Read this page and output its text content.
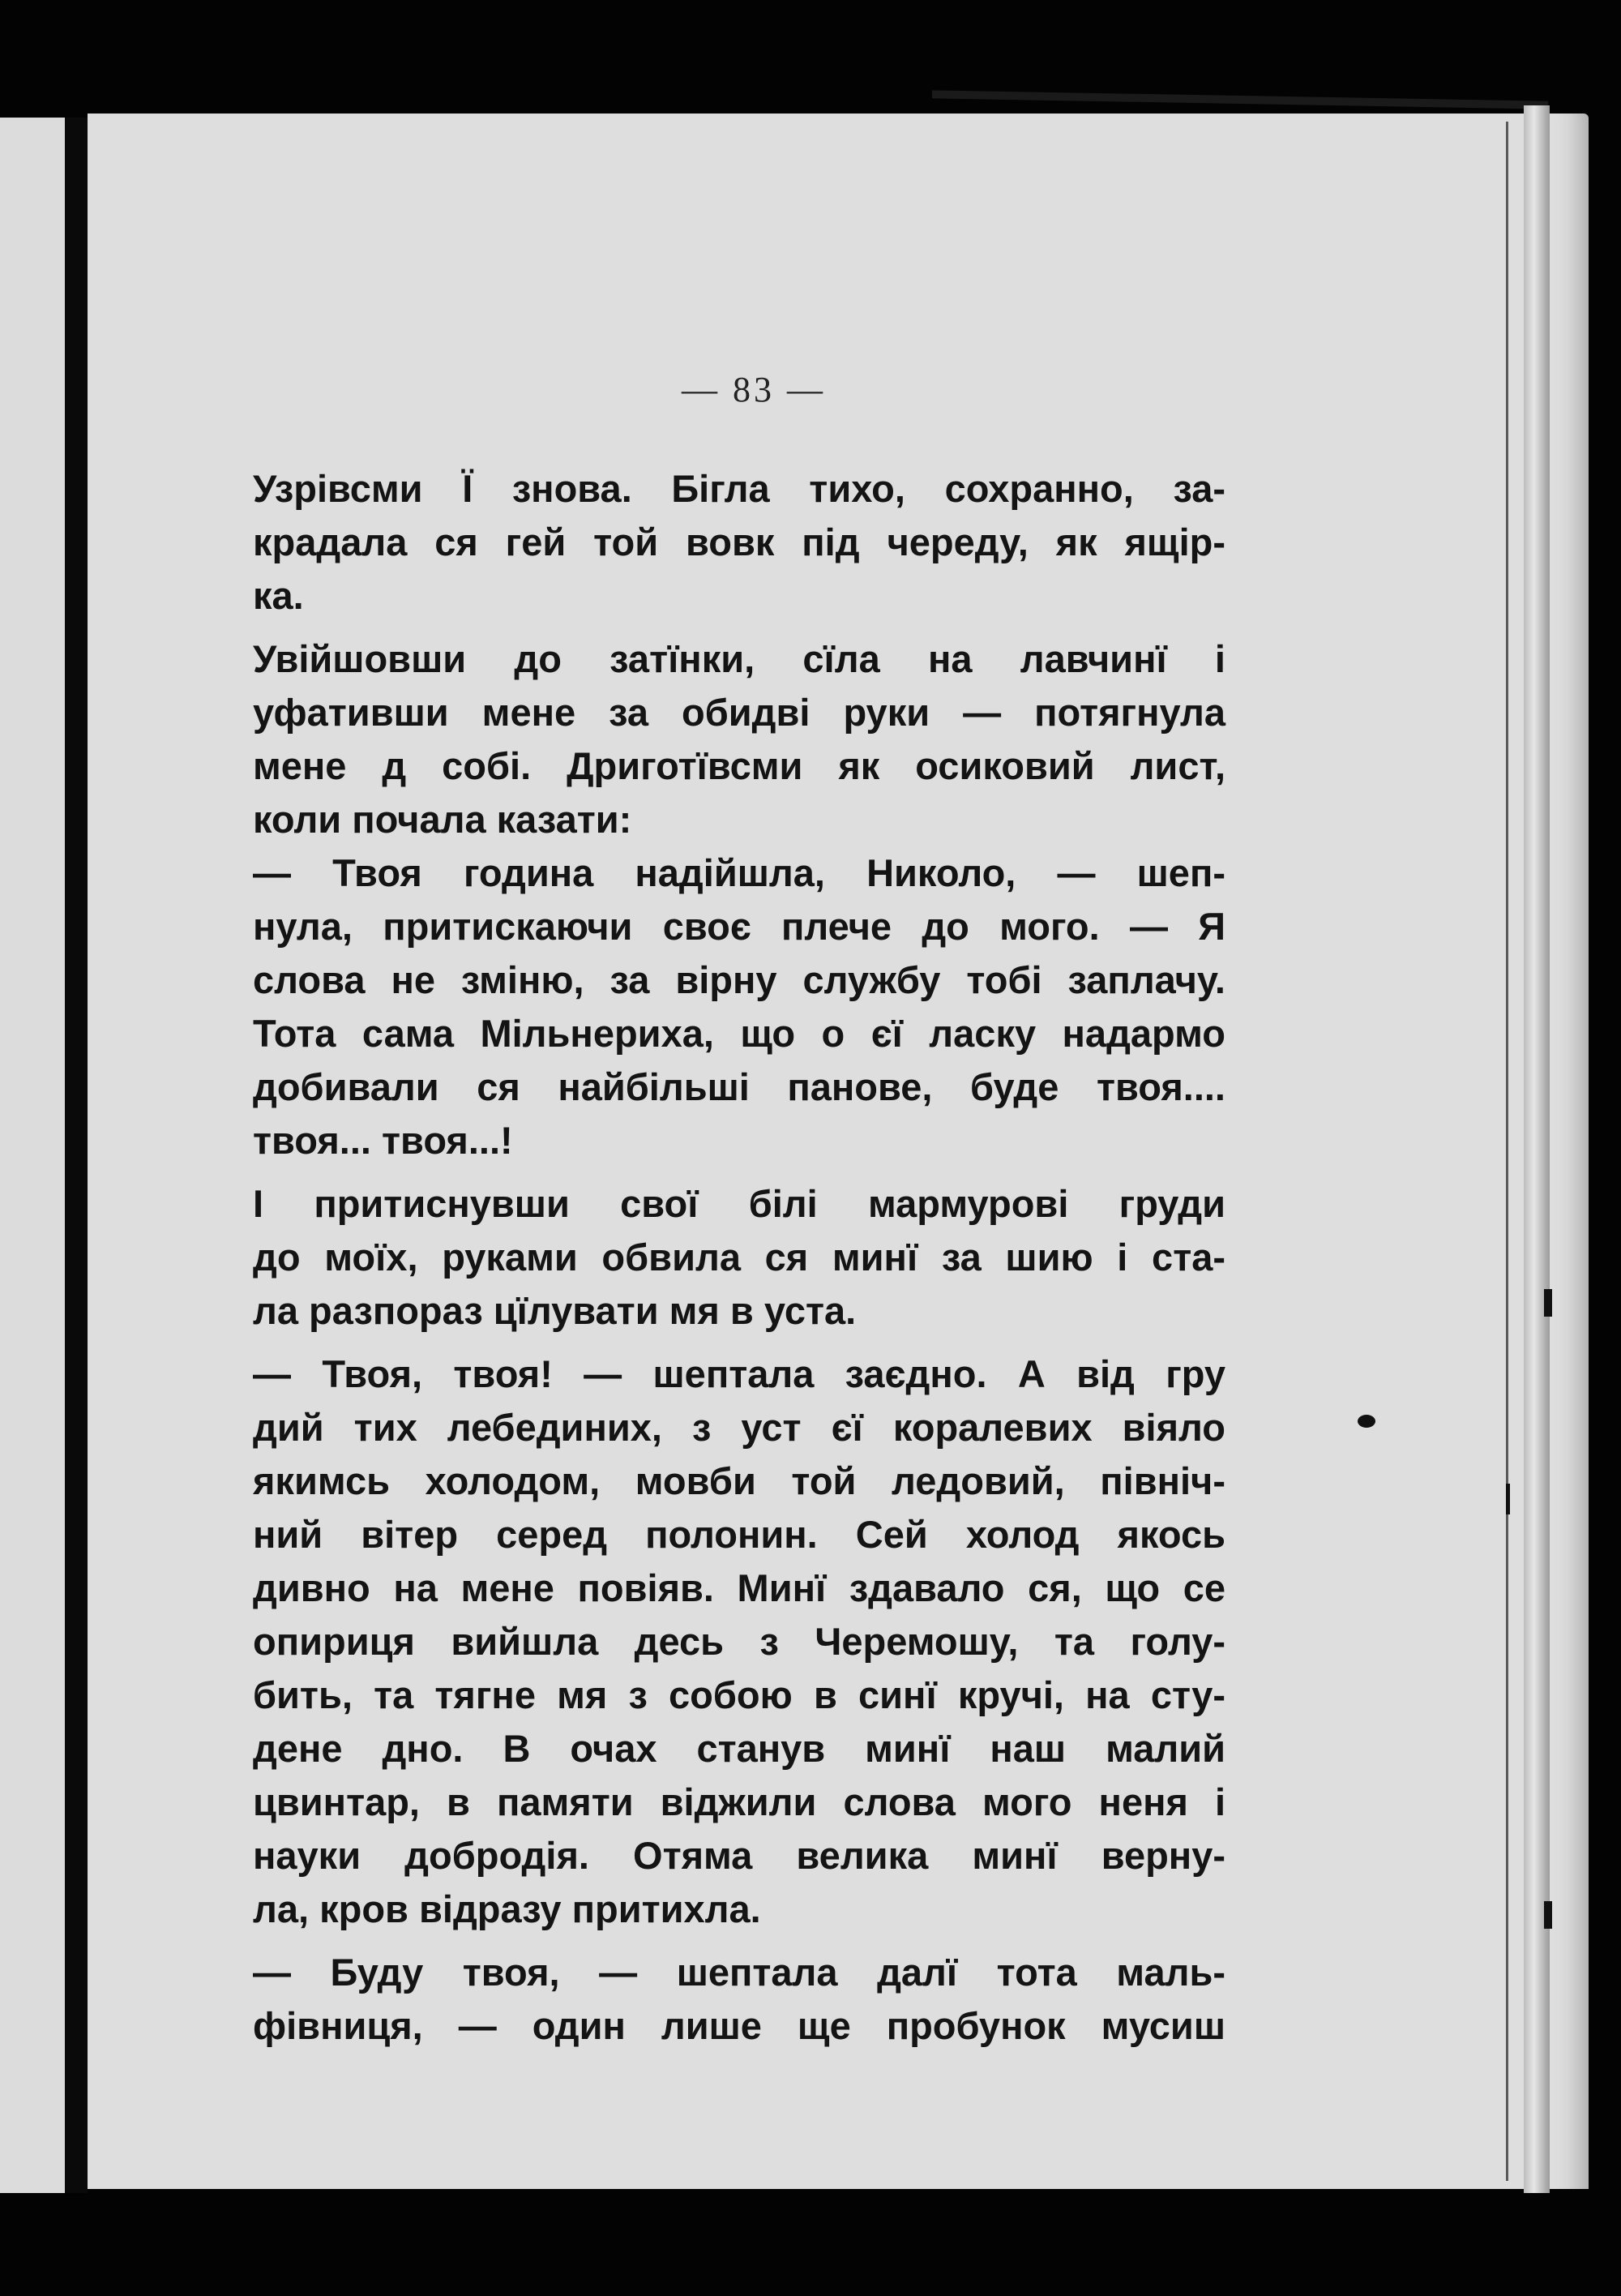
— 83 —
Узрівсми Ї знова. Бігла тихо, сохранно, за-
крадала ся гей той вовк під череду, як ящір-
ка.
Увійшовши до затїнки, сїла на лавчинї і
уфативши мене за обидві руки — потягнула
мене д собі. Дриготївсми як осиковий лист,
коли почала казати:
— Твоя година надійшла, Николо, — шеп-
нула, притискаючи своє плече до мого. — Я
слова не зміню, за вірну службу тобі заплачу.
Тота сама Мільнериха, що о єї ласку надармо
добивали ся найбільші панове, буде твоя....
твоя... твоя...!
І притиснувши свої білі мармурові груди
до моїх, руками обвила ся минї за шию і ста-
ла разпораз цїлувати мя в уста.
— Твоя, твоя! — шептала заєдно. А від гру
дий тих лебединих, з уст єї коралевих віяло
якимсь холодом, мовби той ледовий, північ-
ний вітер серед полонин. Сей холод якось
дивно на мене повіяв. Минї здавало ся, що се
опириця вийшла десь з Черемошу, та голу-
бить, та тягне мя з собою в синї кручі, на сту-
дене дно. В очах станув минї наш малий
цвинтар, в памяти віджили слова мого неня і
науки добродія. Отяма велика минї верну-
ла, кров відразу притихла.
— Буду твоя, — шептала далї тота маль-
фівниця, — один лише ще пробунок мусиш
